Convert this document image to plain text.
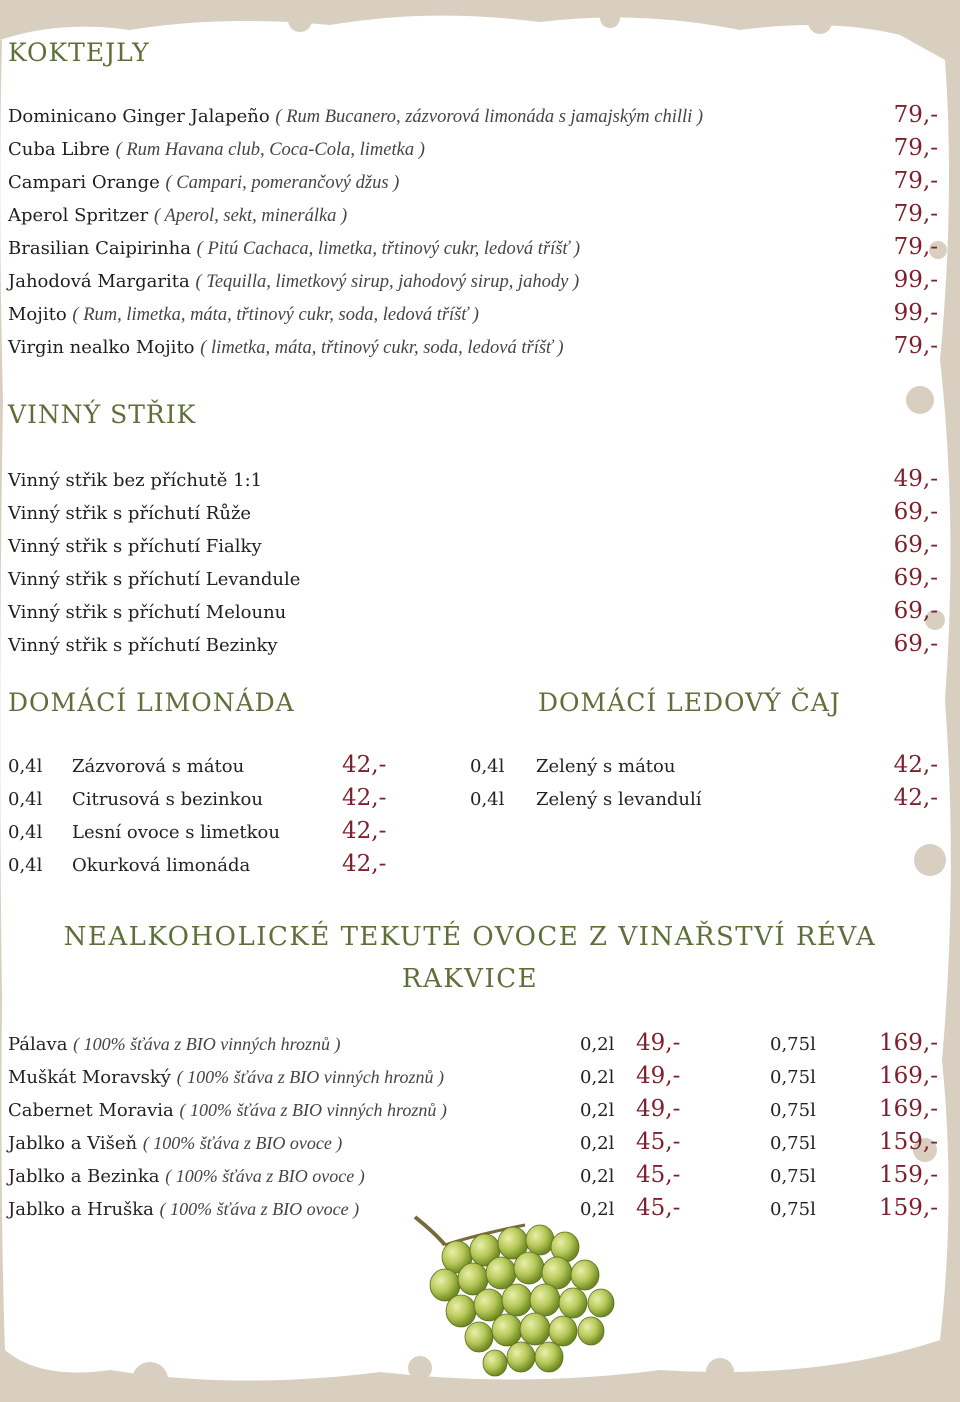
KOKTEJLY
Dominicano Ginger Jalapeño ( Rum Bucanero, zázvorová limonáda s jamajským chilli )	79,-
Cuba Libre ( Rum Havana club, Coca-Cola, limetka )	79,-
Campari Orange ( Campari, pomerančový džus )	79,-
Aperol Spritzer ( Aperol, sekt, minerálka )	79,-
Brasilian Caipirinha ( Pitú Cachaca, limetka, třtinový cukr, ledová tříšť )	79,-
Jahodová Margarita ( Tequilla, limetkový sirup, jahodový sirup, jahody )	99,-
Mojito ( Rum, limetka, máta, třtinový cukr, soda, ledová tříšť )	99,-
Virgin nealko Mojito ( limetka, máta, třtinový cukr, soda, ledová tříšť )	79,-
VINNÝ STŘIK
Vinný střik bez příchutě 1:1	49,-
Vinný střik s příchutí Růže	69,-
Vinný střik s příchutí Fialky	69,-
Vinný střik s příchutí Levandule	69,-
Vinný střik s příchutí Melounu	69,-
Vinný střik s příchutí Bezinky	69,-
DOMÁCÍ LIMONÁDA
0,4l Zázvorová s mátou	42,-
0,4l Citrusová s bezinkou	42,-
0,4l Lesní ovoce s limetkou	42,-
0,4l Okurková limonáda	42,-
DOMÁCÍ LEDOVÝ ČAJ
0,4l Zelený s mátou	42,-
0,4l Zelený s levandulí	42,-
NEALKOHOLICKÉ TEKUTÉ OVOCE Z VINAŘSTVÍ RÉVA
RAKVICE
Pálava ( 100% šťáva z BIO vinných hroznů )	0,2l 49,-	0,75l	169,-
Muškát Moravský ( 100% šťáva z BIO vinných hroznů )	0,2l 49,-	0,75l	169,-
Cabernet Moravia ( 100% šťáva z BIO vinných hroznů )	0,2l 49,-	0,75l	169,-
Jablko a Višeň ( 100% šťáva z BIO ovoce )	0,2l 45,-	0,75l	159,-
Jablko a Bezinka ( 100% šťáva z BIO ovoce )	0,2l 45,-	0,75l	159,-
Jablko a Hruška ( 100% šťáva z BIO ovoce )	0,2l 45,-	0,75l	159,-
